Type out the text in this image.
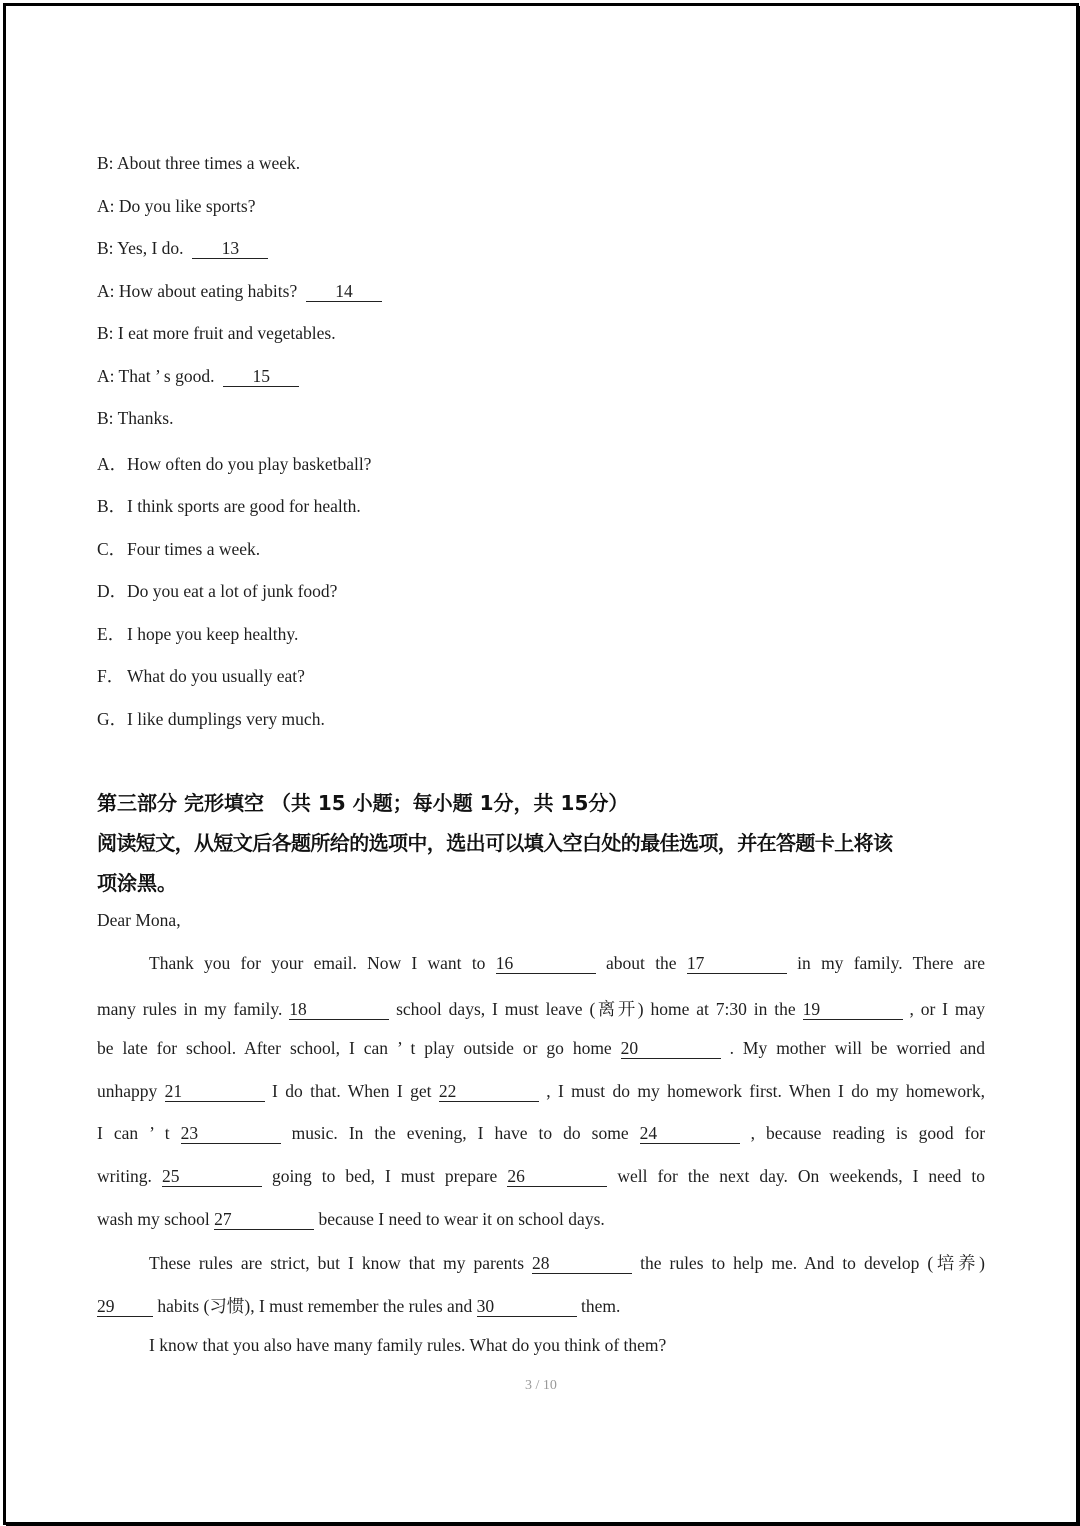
B: About three times a week.
A: Do you like sports?
B: Yes, I do. 13
A: How about eating habits? 14
B: I eat more fruit and vegetables.
A: That ’ s good. 15
B: Thanks.
A．How often do you play basketball?
B．I think sports are good for health.
C．Four times a week.
D．Do you eat a lot of junk food?
E． I hope you keep healthy.
F． What do you usually eat?
G．I like dumplings very much.
第三部分 完形填空 （共 15 小题；每小题 1分，共 15分）
阅读短文，从短文后各题所给的选项中，选出可以填入空白处的最佳选项，并在答题卡上将该
项涂黑。
Dear Mona,
Thank you for your email. Now I want to 16	about the 17	in my family. There are
many rules in my family. 18	school days, I must leave (离开) home at 7:30 in the 19	, or I may
be late for school. After school, I can ’ t play outside or go home 20	. My mother will be worried and
unhappy 21	I do that. When I get 22	, I must do my homework first. When I do my homework,
I can ’ t 23	music. In the evening, I have to do some 24	, because reading is good for
writing. 25	going to bed, I must prepare 26	well for the next day. On weekends, I need to
wash my school 27	because I need to wear it on school days.
These rules are strict, but I know that my parents 28	the rules to help me. And to develop (培养)
29 habits (习惯), I must remember the rules and 30	them.
I know that you also have many family rules. What do you think of them?
3 / 10
